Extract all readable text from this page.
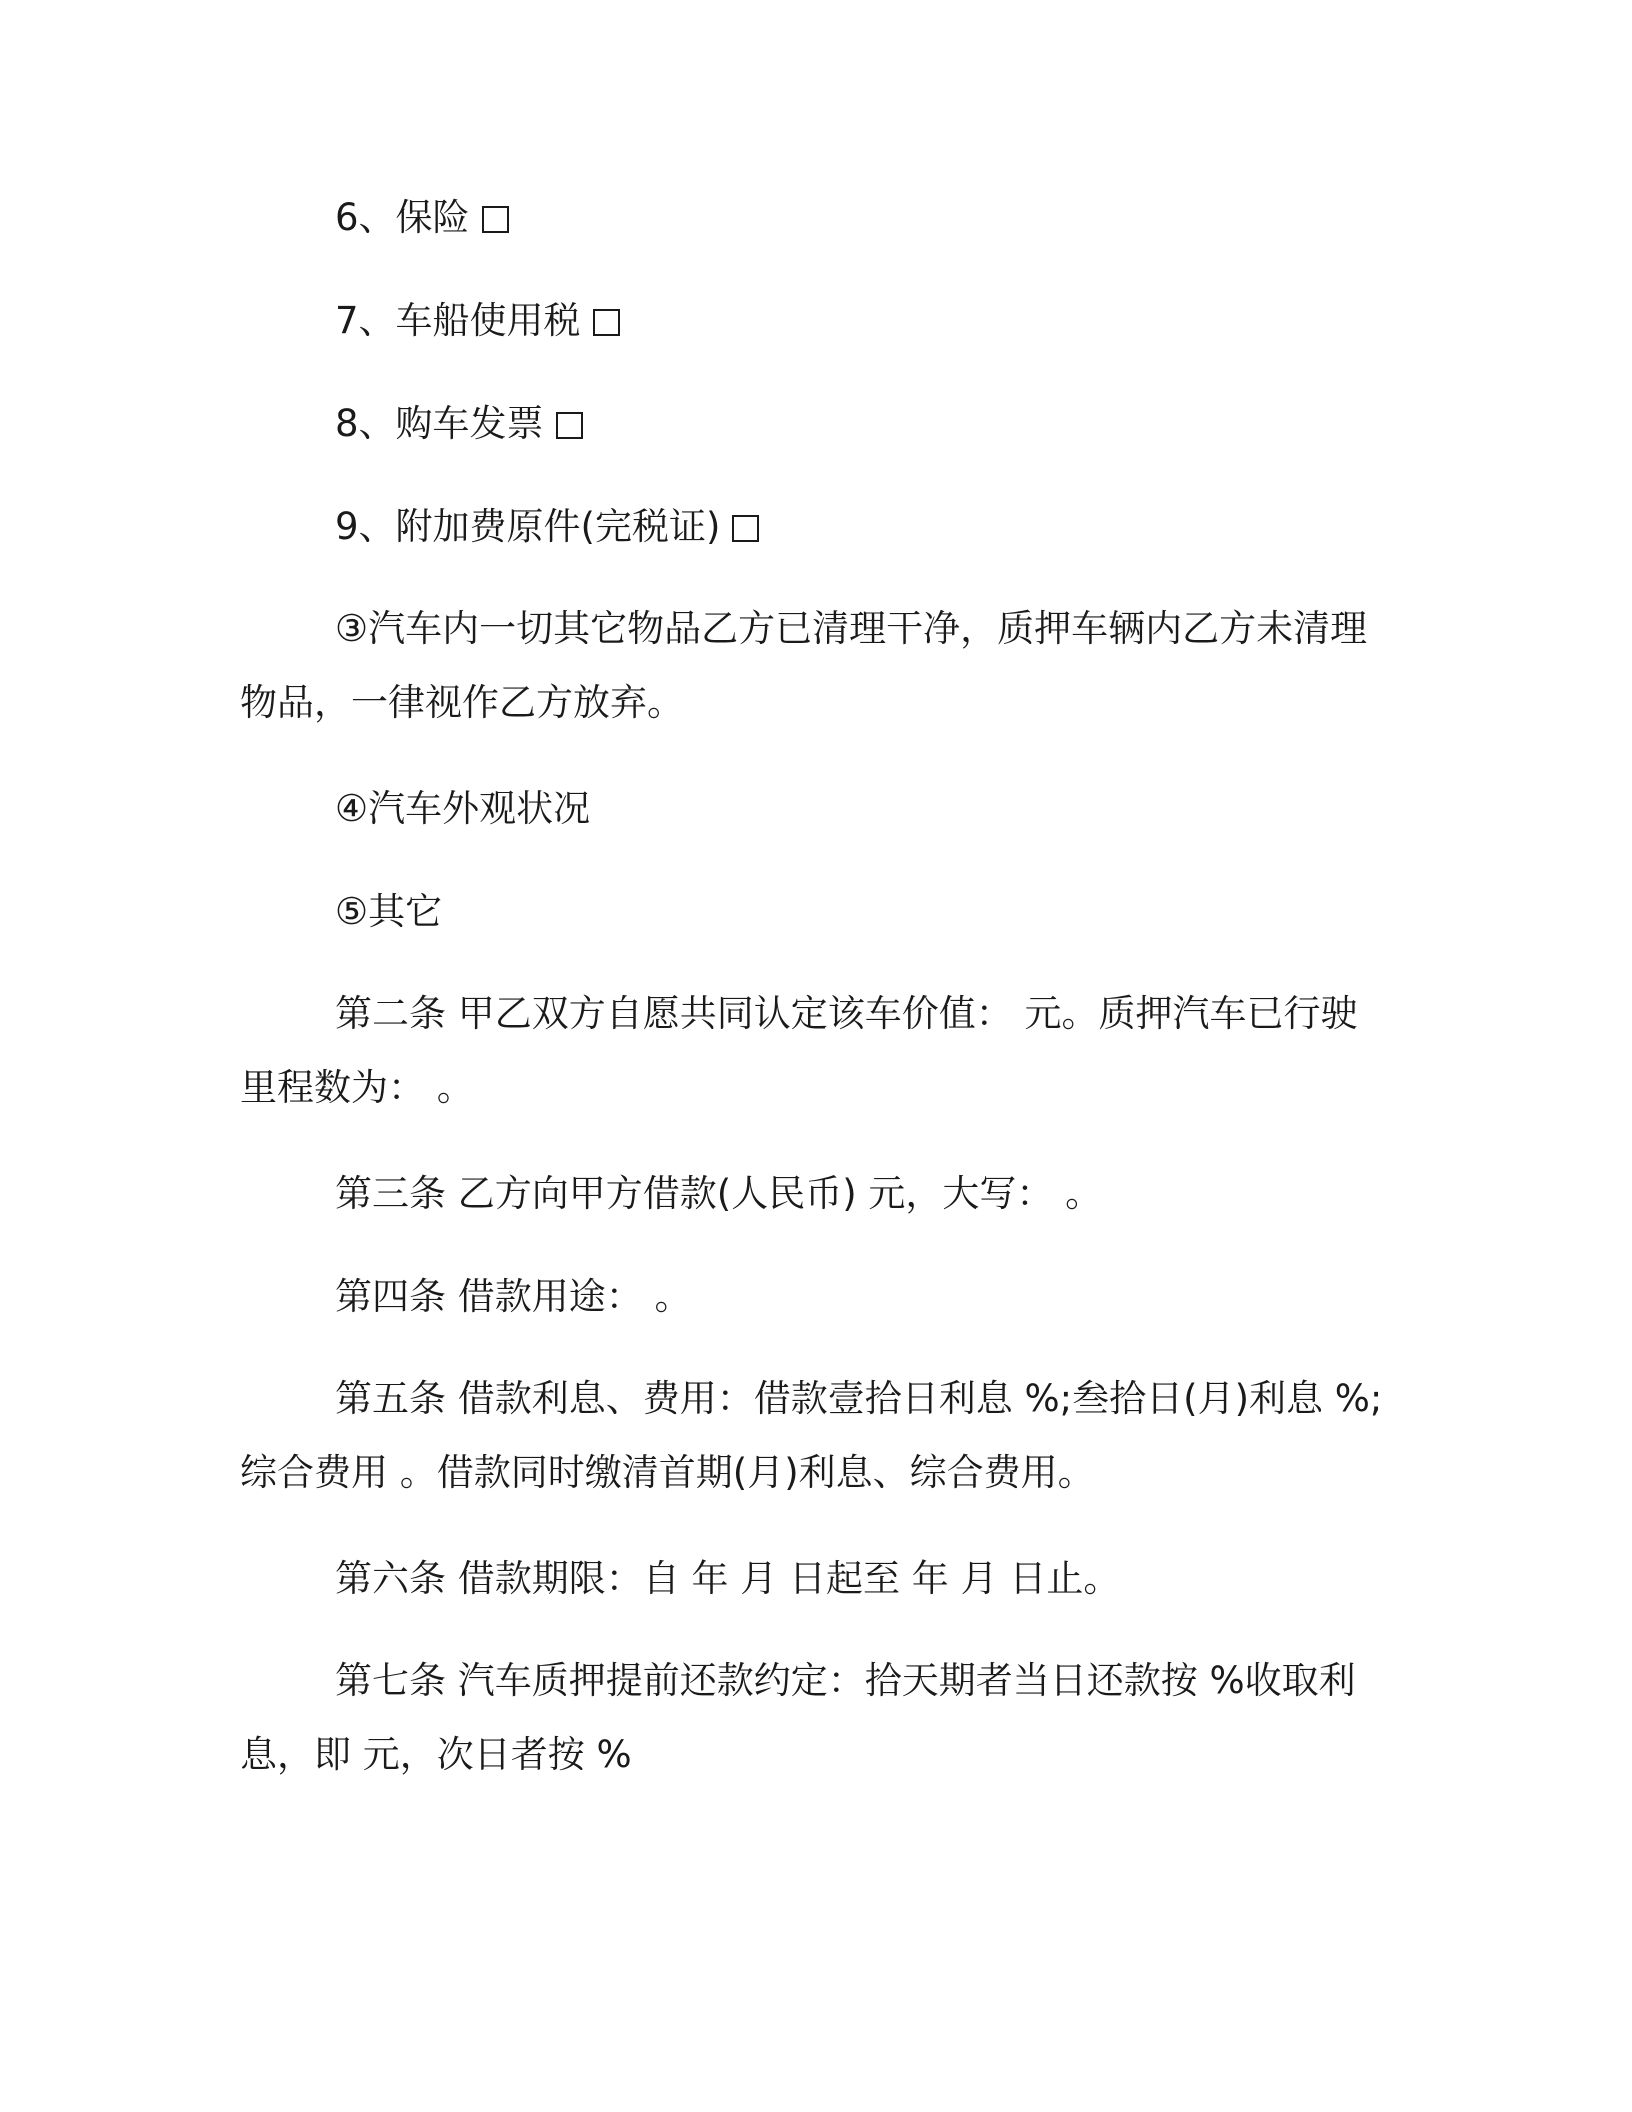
6、保险

7、车船使用税

8、购车发票

9、附加费原件(完税证)

③汽车内一切其它物品乙方已清理干净，质押车辆内乙方未清理物品，一律视作乙方放弃。

④汽车外观状况

⑤其它

第二条 甲乙双方自愿共同认定该车价值： 元。质押汽车已行驶里程数为： 。

第三条 乙方向甲方借款(人民币) 元，大写： 。

第四条 借款用途： 。

第五条 借款利息、费用：借款壹拾日利息 %;叁拾日(月)利息 %;综合费用 。借款同时缴清首期(月)利息、综合费用。

第六条 借款期限：自 年 月 日起至 年 月 日止。

第七条 汽车质押提前还款约定：拾天期者当日还款按 %收取利息，即 元，次日者按 %
